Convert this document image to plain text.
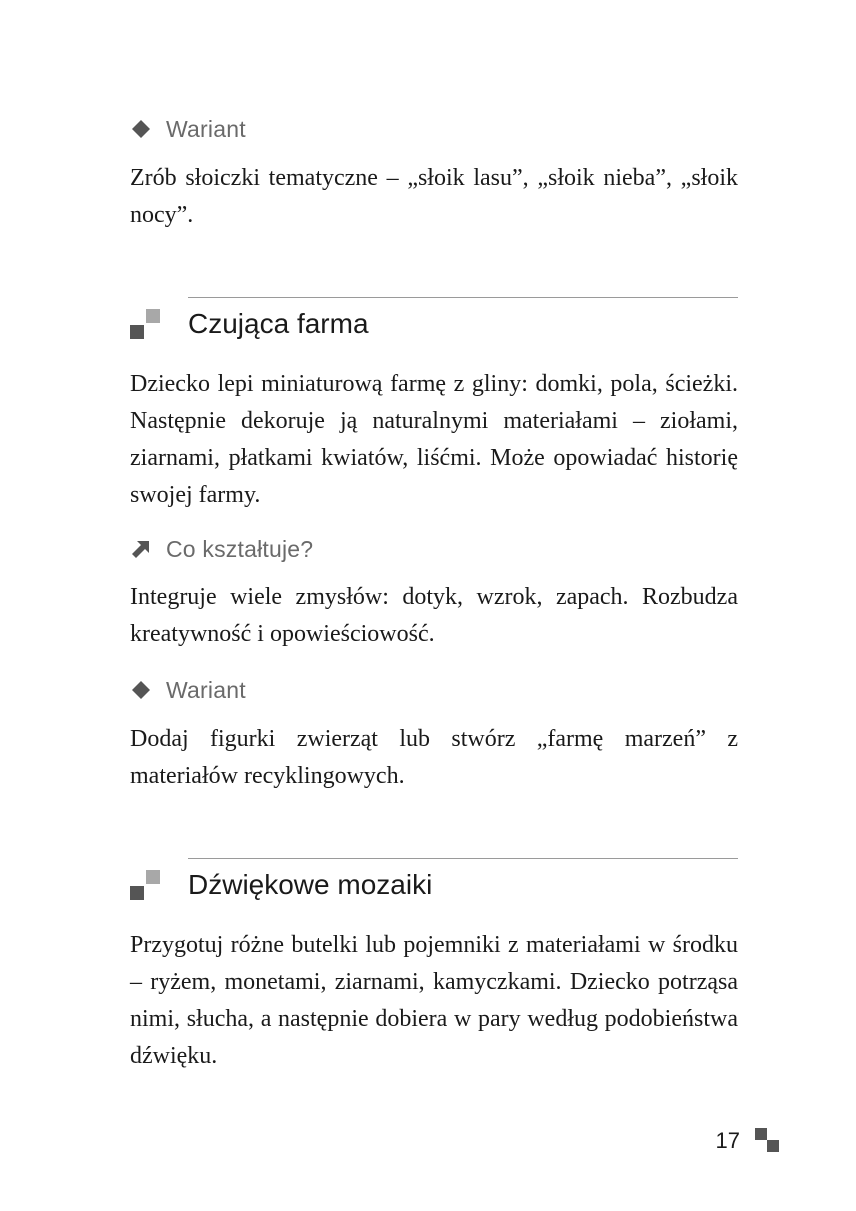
Wariant

Zrób słoiczki tematyczne – „słoik lasu”, „słoik nieba”, „słoik nocy”.

Czująca farma

Dziecko lepi miniaturową farmę z gliny: domki, pola, ścieżki. Następnie dekoruje ją naturalnymi materiałami – ziołami, ziarnami, płatkami kwiatów, liśćmi. Może opowiadać historię swojej farmy.

Co kształtuje?

Integruje wiele zmysłów: dotyk, wzrok, zapach. Rozbudza kreatywność i opowieściowość.

Wariant

Dodaj figurki zwierząt lub stwórz „farmę marzeń” z materiałów recyklingowych.

Dźwiękowe mozaiki

Przygotuj różne butelki lub pojemniki z materiałami w środku – ryżem, monetami, ziarnami, kamyczkami. Dziecko potrząsa nimi, słucha, a następnie dobiera w pary według podobieństwa dźwięku.

17
